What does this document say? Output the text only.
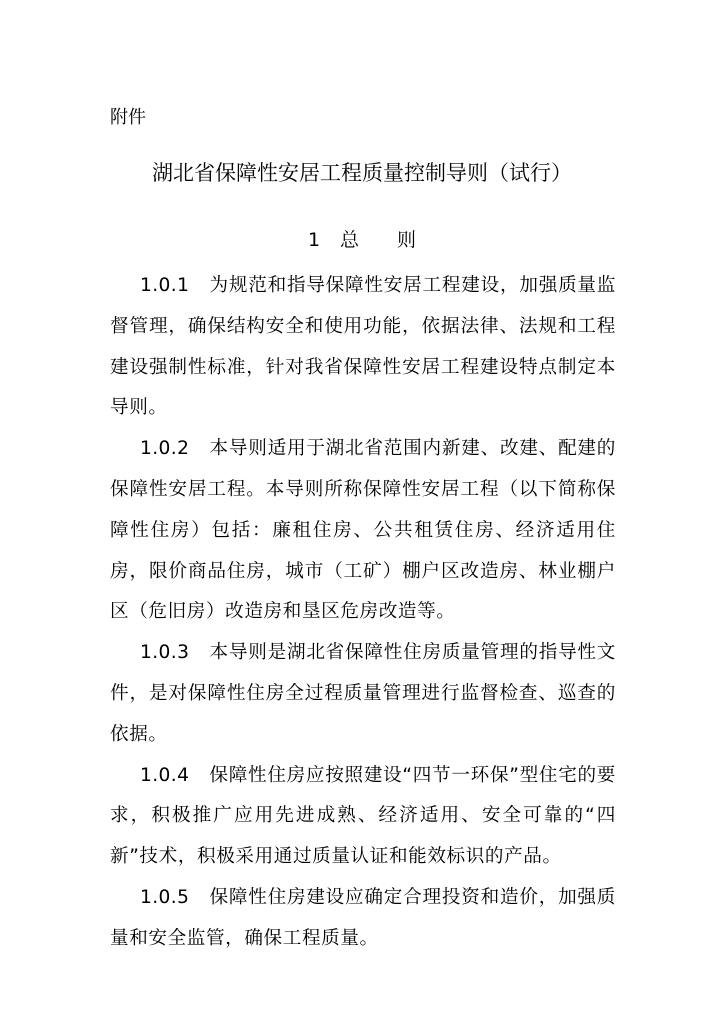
附件
湖北省保障性安居工程质量控制导则（试行）
1 总 则

1.0.1 为规范和指导保障性安居工程建设，加强质量监督管理，确保结构安全和使用功能，依据法律、法规和工程建设强制性标准，针对我省保障性安居工程建设特点制定本导则。

1.0.2 本导则适用于湖北省范围内新建、改建、配建的保障性安居工程。本导则所称保障性安居工程（以下简称保障性住房）包括：廉租住房、公共租赁住房、经济适用住房，限价商品住房，城市（工矿）棚户区改造房、林业棚户区（危旧房）改造房和垦区危房改造等。

1.0.3 本导则是湖北省保障性住房质量管理的指导性文件，是对保障性住房全过程质量管理进行监督检查、巡查的依据。

1.0.4 保障性住房应按照建设“四节一环保”型住宅的要求，积极推广应用先进成熟、经济适用、安全可靠的“四新”技术，积极采用通过质量认证和能效标识的产品。

1.0.5 保障性住房建设应确定合理投资和造价，加强质量和安全监管，确保工程质量。
